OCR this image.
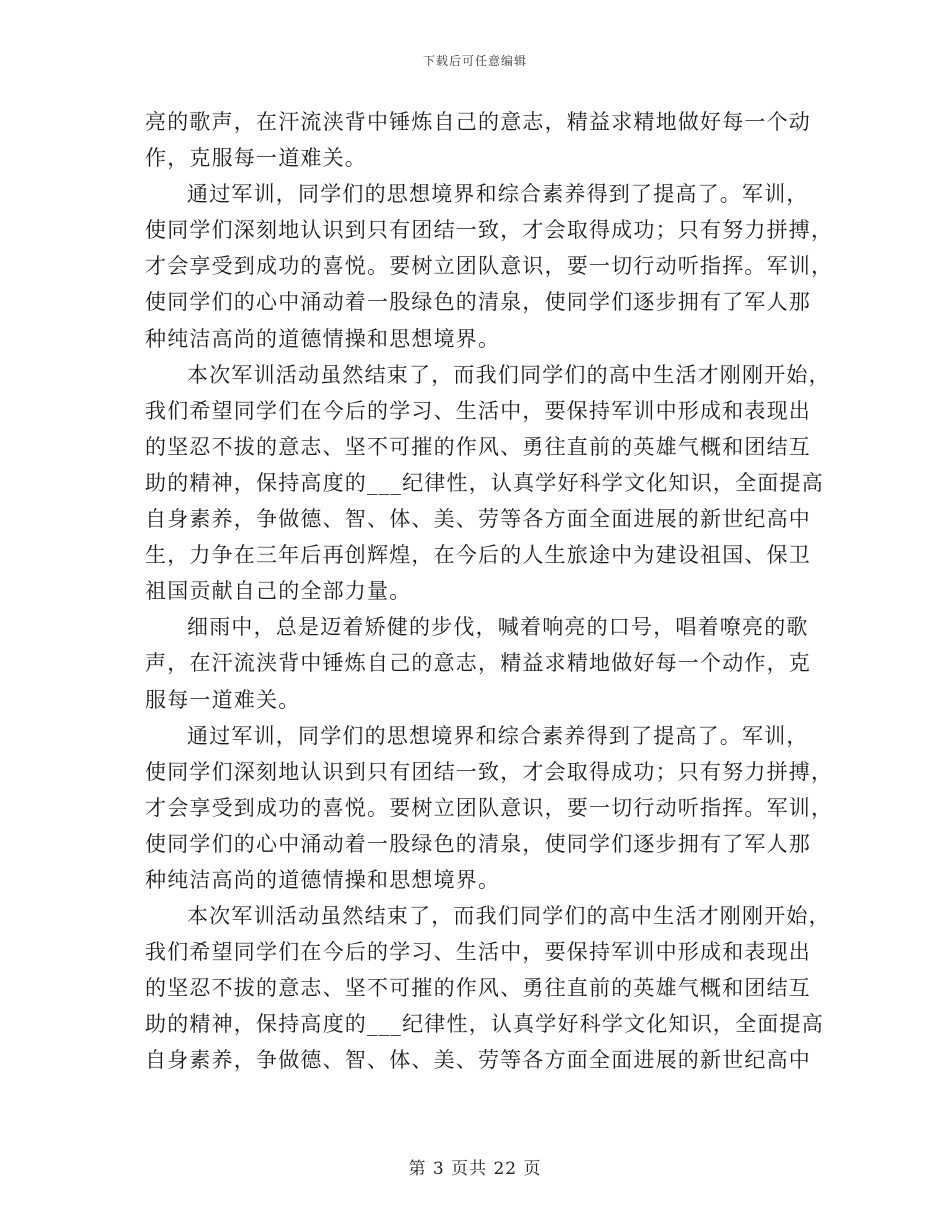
下载后可任意编辑

亮的歌声，在汗流浃背中锤炼自己的意志，精益求精地做好每一个动
作，克服每一道难关。

通过军训，同学们的思想境界和综合素养得到了提高了。军训，
使同学们深刻地认识到只有团结一致，才会取得成功；只有努力拼搏，
才会享受到成功的喜悦。要树立团队意识，要一切行动听指挥。军训，
使同学们的心中涌动着一股绿色的清泉，使同学们逐步拥有了军人那
种纯洁高尚的道德情操和思想境界。

本次军训活动虽然结束了，而我们同学们的高中生活才刚刚开始，
我们希望同学们在今后的学习、生活中，要保持军训中形成和表现出
的坚忍不拔的意志、坚不可摧的作风、勇往直前的英雄气概和团结互
助的精神，保持高度的___纪律性，认真学好科学文化知识，全面提高
自身素养，争做德、智、体、美、劳等各方面全面进展的新世纪高中
生，力争在三年后再创辉煌，在今后的人生旅途中为建设祖国、保卫
祖国贡献自己的全部力量。

细雨中，总是迈着矫健的步伐，喊着响亮的口号，唱着嘹亮的歌
声，在汗流浃背中锤炼自己的意志，精益求精地做好每一个动作，克
服每一道难关。

通过军训，同学们的思想境界和综合素养得到了提高了。军训，
使同学们深刻地认识到只有团结一致，才会取得成功；只有努力拼搏，
才会享受到成功的喜悦。要树立团队意识，要一切行动听指挥。军训，
使同学们的心中涌动着一股绿色的清泉，使同学们逐步拥有了军人那
种纯洁高尚的道德情操和思想境界。

本次军训活动虽然结束了，而我们同学们的高中生活才刚刚开始，
我们希望同学们在今后的学习、生活中，要保持军训中形成和表现出
的坚忍不拔的意志、坚不可摧的作风、勇往直前的英雄气概和团结互
助的精神，保持高度的___纪律性，认真学好科学文化知识，全面提高
自身素养，争做德、智、体、美、劳等各方面全面进展的新世纪高中

第 3 页共 22 页
